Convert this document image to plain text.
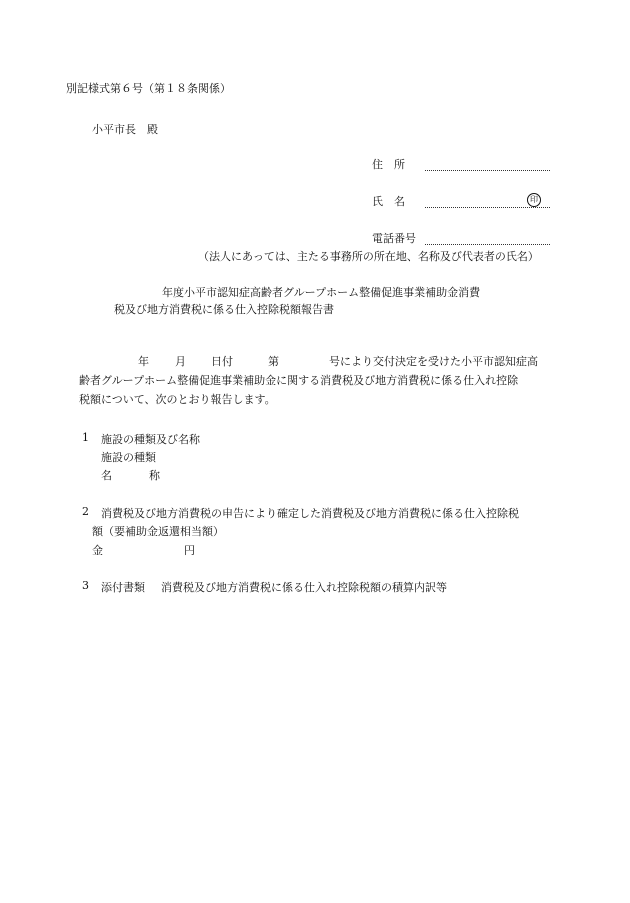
別記様式第６号（第１８条関係）
小平市長　殿
住　所
氏　名	印
電話番号
（法人にあっては、主たる事務所の所在地、名称及び代表者の氏名）
年度小平市認知症高齢者グループホーム整備促進事業補助金消費
税及び地方消費税に係る仕入控除税額報告書
年 月 日付	第	号により交付決定を受けた小平市認知症高
齢者グループホーム整備促進事業補助金に関する消費税及び地方消費税に係る仕入れ控除
税額について、次のとおり報告します。
1 施設の種類及び名称
施設の種類
名	称
2 消費税及び地方消費税の申告により確定した消費税及び地方消費税に係る仕入控除税
額（要補助金返還相当額）
金	円
3 添付書類 消費税及び地方消費税に係る仕入れ控除税額の積算内訳等
